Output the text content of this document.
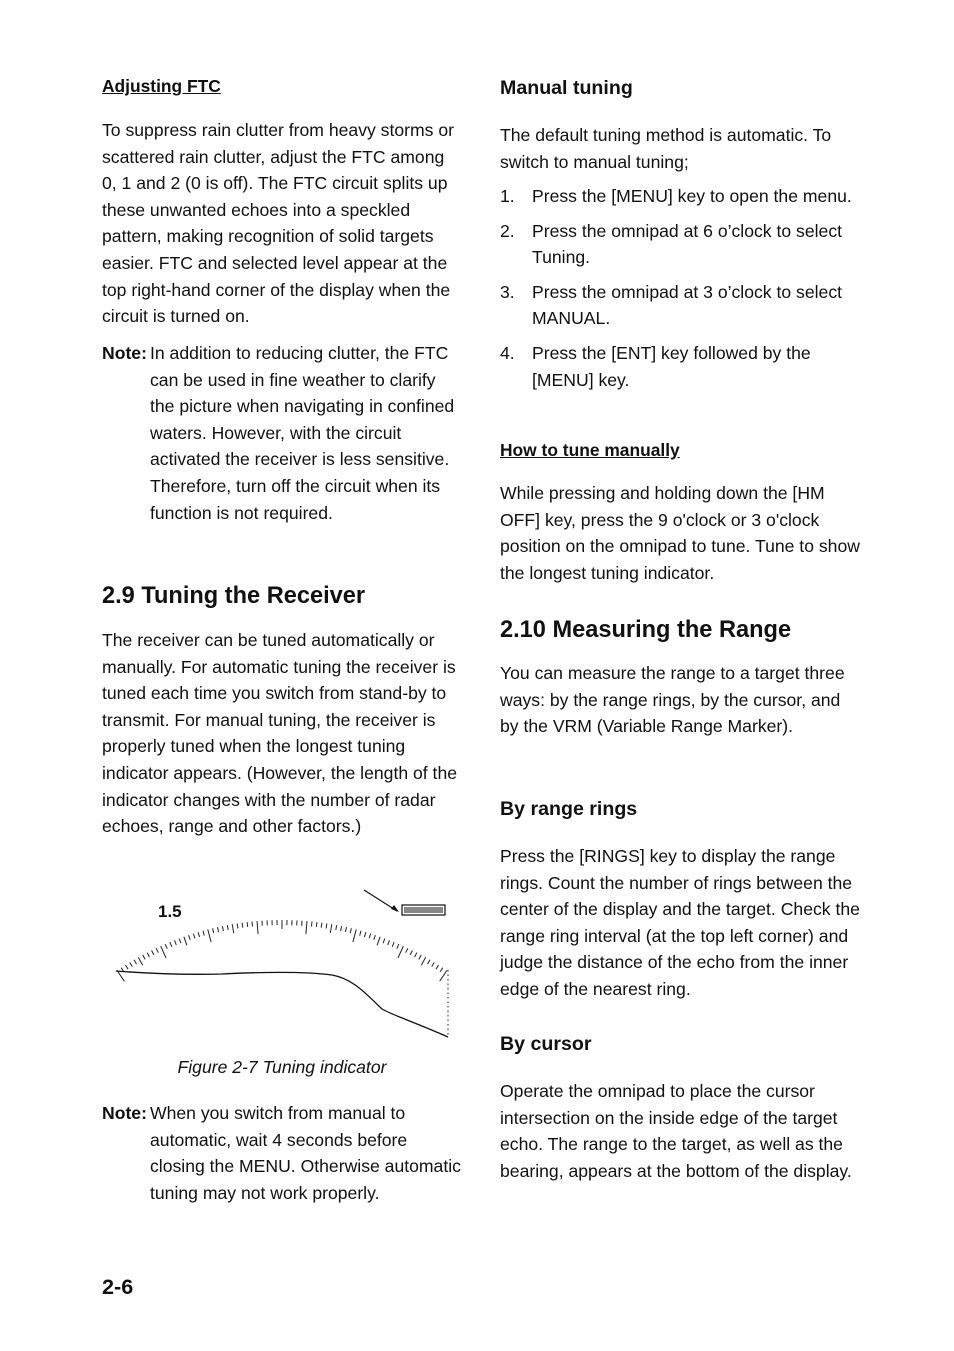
Adjusting FTC

To suppress rain clutter from heavy storms or scattered rain clutter, adjust the FTC among 0, 1 and 2 (0 is off). The FTC circuit splits up these unwanted echoes into a speckled pattern, making recognition of solid targets easier. FTC and selected level appear at the top right-hand corner of the display when the circuit is turned on.

Note: In addition to reducing clutter, the FTC can be used in fine weather to clarify the picture when navigating in confined waters. However, with the circuit activated the receiver is less sensitive. Therefore, turn off the circuit when its function is not required.
2.9 Tuning the Receiver

The receiver can be tuned automatically or manually. For automatic tuning the receiver is tuned each time you switch from stand-by to transmit. For manual tuning, the receiver is properly tuned when the longest tuning indicator appears. (However, the length of the indicator changes with the number of radar echoes, range and other factors.)

1.5
Figure 2-7 Tuning indicator
Note: When you switch from manual to automatic, wait 4 seconds before closing the MENU. Otherwise automatic tuning may not work properly.
2-6
Manual tuning

The default tuning method is automatic. To switch to manual tuning;

1. Press the [MENU] key to open the menu.
2. Press the omnipad at 6 o’clock to select Tuning.
3. Press the omnipad at 3 o’clock to select MANUAL.
4. Press the [ENT] key followed by the [MENU] key.
How to tune manually

While pressing and holding down the [HM OFF] key, press the 9 o'clock or 3 o'clock position on the omnipad to tune. Tune to show the longest tuning indicator.

2.10 Measuring the Range

You can measure the range to a target three ways: by the range rings, by the cursor, and by the VRM (Variable Range Marker).

By range rings

Press the [RINGS] key to display the range rings. Count the number of rings between the center of the display and the target. Check the range ring interval (at the top left corner) and judge the distance of the echo from the inner edge of the nearest ring.

By cursor

Operate the omnipad to place the cursor intersection on the inside edge of the target echo. The range to the target, as well as the bearing, appears at the bottom of the display.
